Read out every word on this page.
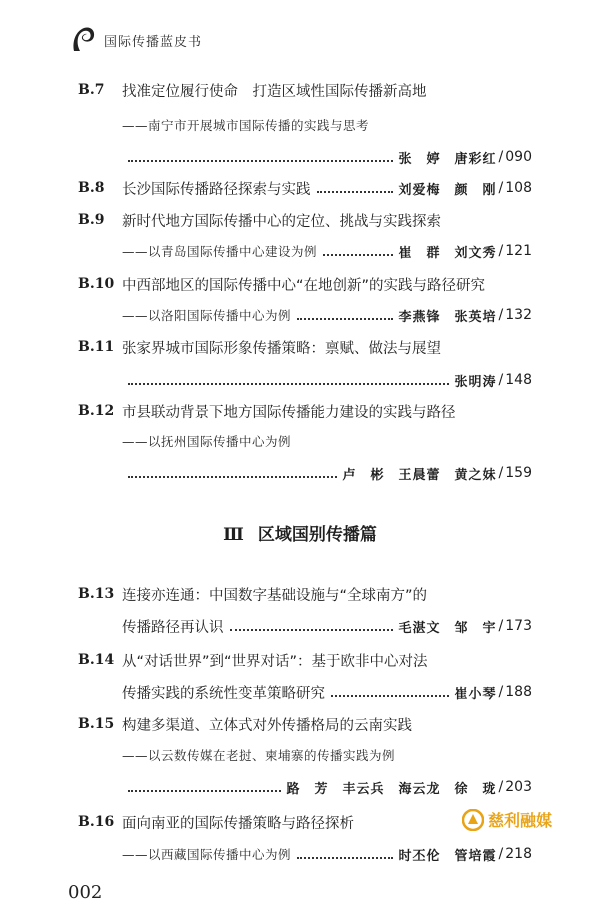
国际传播蓝皮书
B.7	找准定位履行使命　打造区域性国际传播新高地
——南宁市开展城市国际传播的实践与思考
张　婷　唐彩红 / 090
B.8	长沙国际传播路径探索与实践	刘爱梅　颜　刚 / 108
B.9	新时代地方国际传播中心的定位、挑战与实践探索
——以青岛国际传播中心建设为例	崔　群　刘文秀 / 121
B.10 中西部地区的国际传播中心“在地创新”的实践与路径研究
——以洛阳国际传播中心为例	李燕锋　张英培 / 132
B.11 张家界城市国际形象传播策略：禀赋、做法与展望
张明涛 / 148
B.12 市县联动背景下地方国际传播能力建设的实践与路径
——以抚州国际传播中心为例
卢　彬　王晨蕾　黄之妹 / 159
Ⅲ 区域国别传播篇
B.13 连接亦连通：中国数字基础设施与“全球南方”的
传播路径再认识	毛湛文　邹　宇 / 173
B.14 从“对话世界”到“世界对话”：基于欧非中心对法
传播实践的系统性变革策略研究	崔小琴 / 188
B.15 构建多渠道、立体式对外传播格局的云南实践
——以云数传媒在老挝、柬埔寨的传播实践为例
路　芳　丰云兵　海云龙　徐　珑 / 203
B.16 面向南亚的国际传播策略与路径探析
——以西藏国际传播中心为例	时丕伦　管培霞 / 218
慈利融媒
002
